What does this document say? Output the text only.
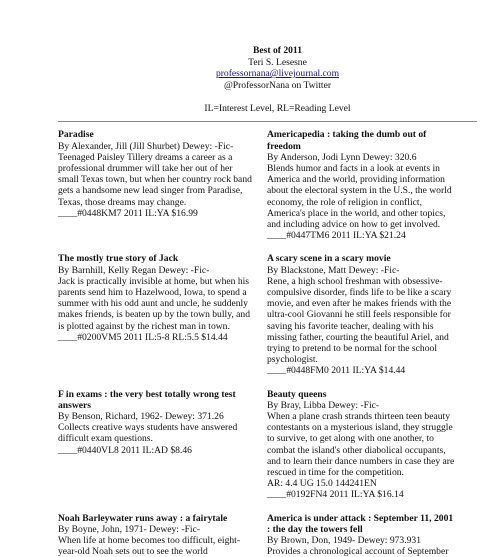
Best of 2011
Teri S. Lesesne
professornana@livejournal.com
@ProfessorNana on Twitter
IL=Interest Level, RL=Reading Level
Paradise
By Alexander, Jill (Jill Shurbet) Dewey: -Fic-
Teenaged Paisley Tillery dreams a career as a professional drummer will take her out of her small Texas town, but when her country rock band gets a handsome new lead singer from Paradise, Texas, those dreams may change.
____#0448KM7 2011 IL:YA $16.99
Americapedia : taking the dumb out of freedom
By Anderson, Jodi Lynn Dewey: 320.6
Blends humor and facts in a look at events in America and the world, providing information about the electoral system in the U.S., the world economy, the role of religion in conflict, America's place in the world, and other topics, and including advice on how to get involved.
____#0447TM6 2011 IL:YA $21.24
The mostly true story of Jack
By Barnhill, Kelly Regan Dewey: -Fic-
Jack is practically invisible at home, but when his parents send him to Hazelwood, Iowa, to spend a summer with his odd aunt and uncle, he suddenly makes friends, is beaten up by the town bully, and is plotted against by the richest man in town.
____#0200VM5 2011 IL:5-8 RL:5.5 $14.44
A scary scene in a scary movie
By Blackstone, Matt Dewey: -Fic-
Rene, a high school freshman with obsessive-compulsive disorder, finds life to be like a scary movie, and even after he makes friends with the ultra-cool Giovanni he still feels responsible for saving his favorite teacher, dealing with his missing father, courting the beautiful Ariel, and trying to pretend to be normal for the school psychologist.
____#0448FM0 2011 IL:YA $14.44
F in exams : the very best totally wrong test answers
By Benson, Richard, 1962- Dewey: 371.26
Collects creative ways students have answered difficult exam questions.
____#0440VL8 2011 IL:AD $8.46
Beauty queens
By Bray, Libba Dewey: -Fic-
When a plane crash strands thirteen teen beauty contestants on a mysterious island, they struggle to survive, to get along with one another, to combat the island's other diabolical occupants, and to learn their dance numbers in case they are rescued in time for the competition.
AR: 4.4 UG 15.0 144241EN
____#0192FN4 2011 IL:YA $16.14
Noah Barleywater runs away : a fairytale
By Boyne, John, 1971- Dewey: -Fic-
When life at home becomes too difficult, eight-year-old Noah sets out to see the world
America is under attack : September 11, 2001 : the day the towers fell
By Brown, Don, 1949- Dewey: 973.931
Provides a chronological account of September
